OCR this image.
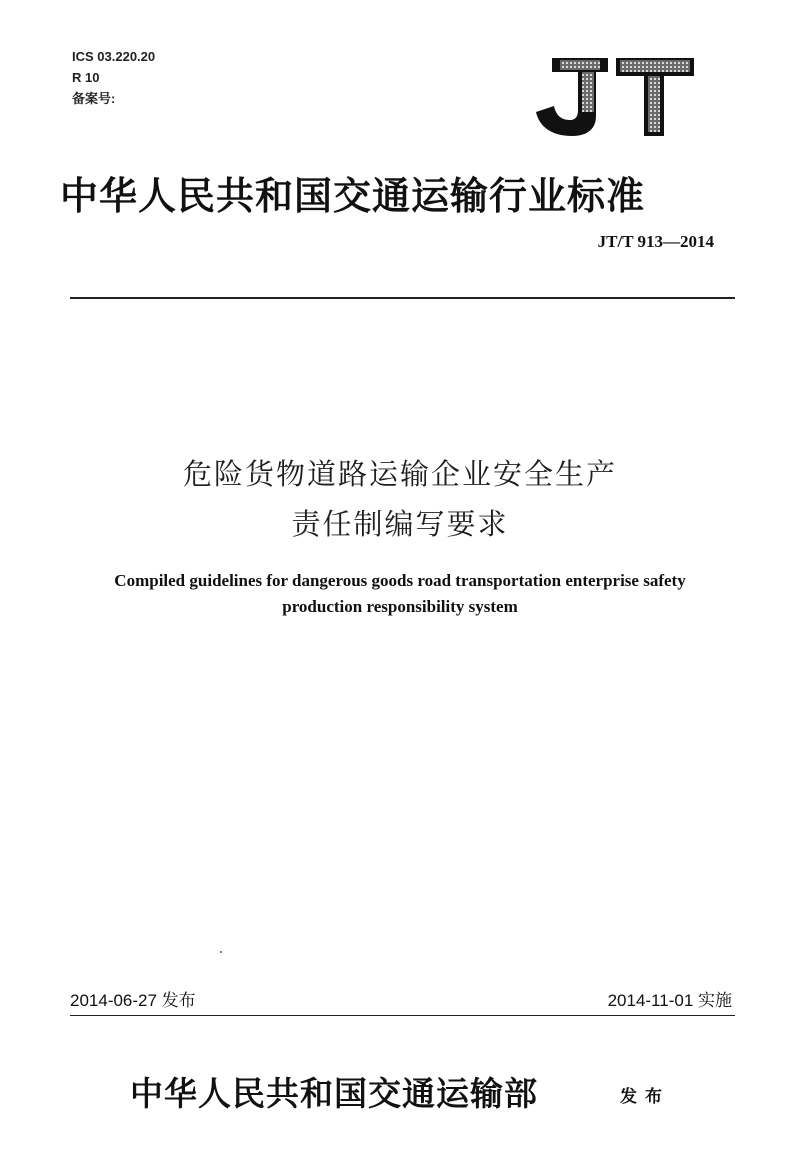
ICS 03.220.20
R 10
备案号:
中华人民共和国交通运输行业标准
JT/T 913—2014
危险货物道路运输企业安全生产
责任制编写要求
Compiled guidelines for dangerous goods road transportation enterprise safety
production responsibility system
2014-06-27 发布	2014-11-01 实施
中华人民共和国交通运输部	发布
